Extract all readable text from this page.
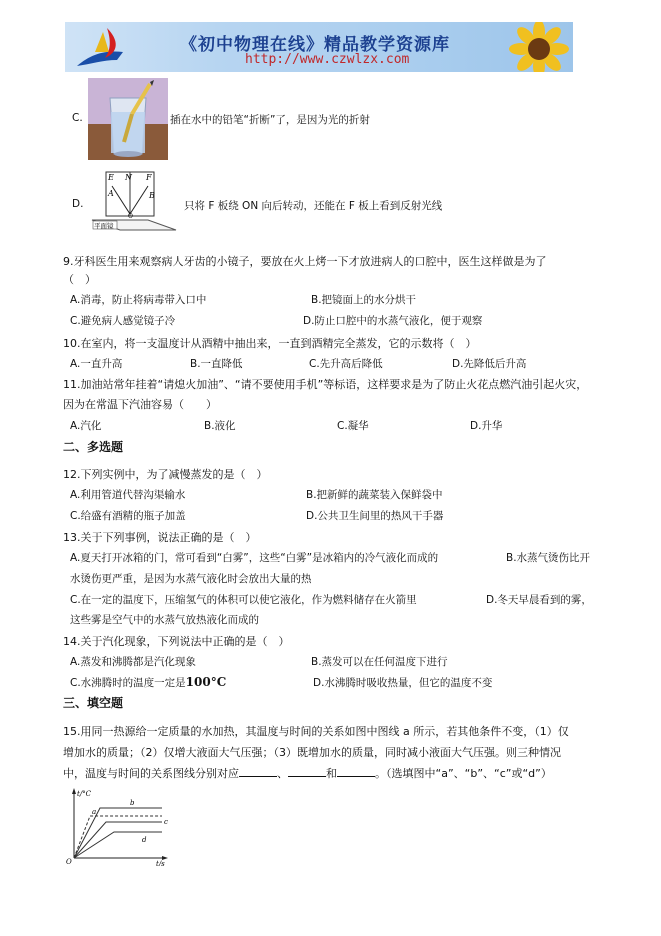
《初中物理在线》精品教学资源库
http://www.czwlzx.com
C.	插在水中的铅笔“折断”了，是因为光的折射
D.
E N F
A	B
O
平面镜
只将 F 板绕 ON 向后转动，还能在 F 板上看到反射光线
9.牙科医生用来观察病人牙齿的小镜子，要放在火上烤一下才放进病人的口腔中，医生这样做是为了
（　）
A.消毒，防止将病毒带入口中	B.把镜面上的水分烘干
C.避免病人感觉镜子冷	D.防止口腔中的水蒸气液化，便于观察
10.在室内，将一支温度计从酒精中抽出来，一直到酒精完全蒸发，它的示数将（　）
A.一直升高	B.一直降低	C.先升高后降低	D.先降低后升高
11.加油站常年挂着“请熄火加油”、“请不要使用手机”等标语，这样要求是为了防止火花点燃汽油引起火灾，
因为在常温下汽油容易（　　）
A.汽化	B.液化	C.凝华	D.升华
二、多选题
12.下列实例中，为了减慢蒸发的是（　）
A.利用管道代替沟渠输水	B.把新鲜的蔬菜装入保鲜袋中
C.给盛有酒精的瓶子加盖	D.公共卫生间里的热风干手器
13.关于下列事例，说法正确的是（　）
A.夏天打开冰箱的门，常可看到“白雾”，这些“白雾”是冰箱内的冷气液化而成的	B.水蒸气烫伤比开
水烫伤更严重，是因为水蒸气液化时会放出大量的热
C.在一定的温度下，压缩氢气的体积可以使它液化，作为燃料储存在火箭里	D.冬天早晨看到的雾，
这些雾是空气中的水蒸气放热液化而成的
14.关于汽化现象，下列说法中正确的是（　）
A.蒸发和沸腾都是汽化现象	B.蒸发可以在任何温度下进行
C.水沸腾时的温度一定是100°C	D.水沸腾时吸收热量，但它的温度不变
三、填空题
15.用同一热源给一定质量的水加热，其温度与时间的关系如图中图线 a 所示，若其他条件不变，（1）仅
增加水的质量；（2）仅增大液面大气压强；（3）既增加水的质量，同时减小液面大气压强。则三种情况
中，温度与时间的关系图线分别对应	、	和	。（选填图中“a”、“b”、“c”或“d”）
t/°C
t/s
O
b
a
c
d
